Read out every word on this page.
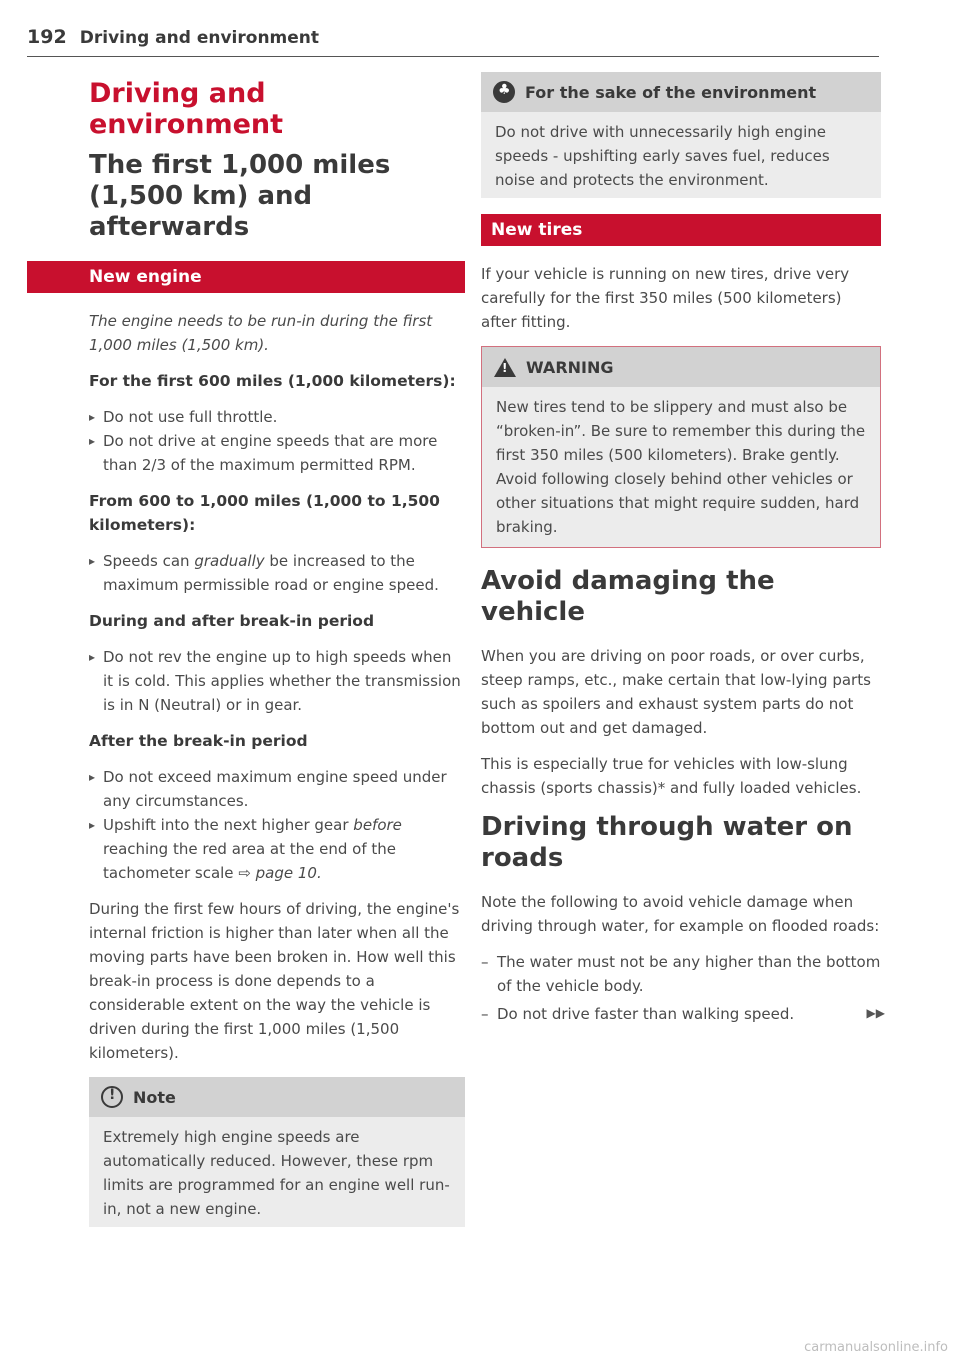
192 Driving and environment
Driving and environment
The first 1,000 miles (1,500 km) and afterwards
New engine

The engine needs to be run-in during the first 1,000 miles (1,500 km).

For the first 600 miles (1,000 kilometers):

▸ Do not use full throttle.
▸ Do not drive at engine speeds that are more than 2/3 of the maximum permitted RPM.

From 600 to 1,000 miles (1,000 to 1,500 kilometers):

▸ Speeds can gradually be increased to the maximum permissible road or engine speed.

During and after break-in period

▸ Do not rev the engine up to high speeds when it is cold. This applies whether the transmission is in N (Neutral) or in gear.

After the break-in period

▸ Do not exceed maximum engine speed under any circumstances.
▸ Upshift into the next higher gear before reaching the red area at the end of the tachometer scale ⇨ page 10.

During the first few hours of driving, the engine's internal friction is higher than later when all the moving parts have been broken in. How well this break-in process is done depends to a considerable extent on the way the vehicle is driven during the first 1,000 miles (1,500 kilometers).

!
Note

Extremely high engine speeds are automatically reduced. However, these rpm limits are programmed for an engine well run-in, not a new engine.

♣
For the sake of the environment

Do not drive with unnecessarily high engine speeds - upshifting early saves fuel, reduces noise and protects the environment.

New tires

If your vehicle is running on new tires, drive very carefully for the first 350 miles (500 kilometers) after fitting.

!
WARNING

New tires tend to be slippery and must also be “broken-in”. Be sure to remember this during the first 350 miles (500 kilometers). Brake gently. Avoid following closely behind other vehicles or other situations that might require sudden, hard braking.

Avoid damaging the vehicle

When you are driving on poor roads, or over curbs, steep ramps, etc., make certain that low-lying parts such as spoilers and exhaust system parts do not bottom out and get damaged.

This is especially true for vehicles with low-slung chassis (sports chassis)* and fully loaded vehicles.

Driving through water on roads

Note the following to avoid vehicle damage when driving through water, for example on flooded roads:

– The water must not be any higher than the bottom of the vehicle body.
– Do not drive faster than walking speed.	▶▶
carmanualsonline.info
